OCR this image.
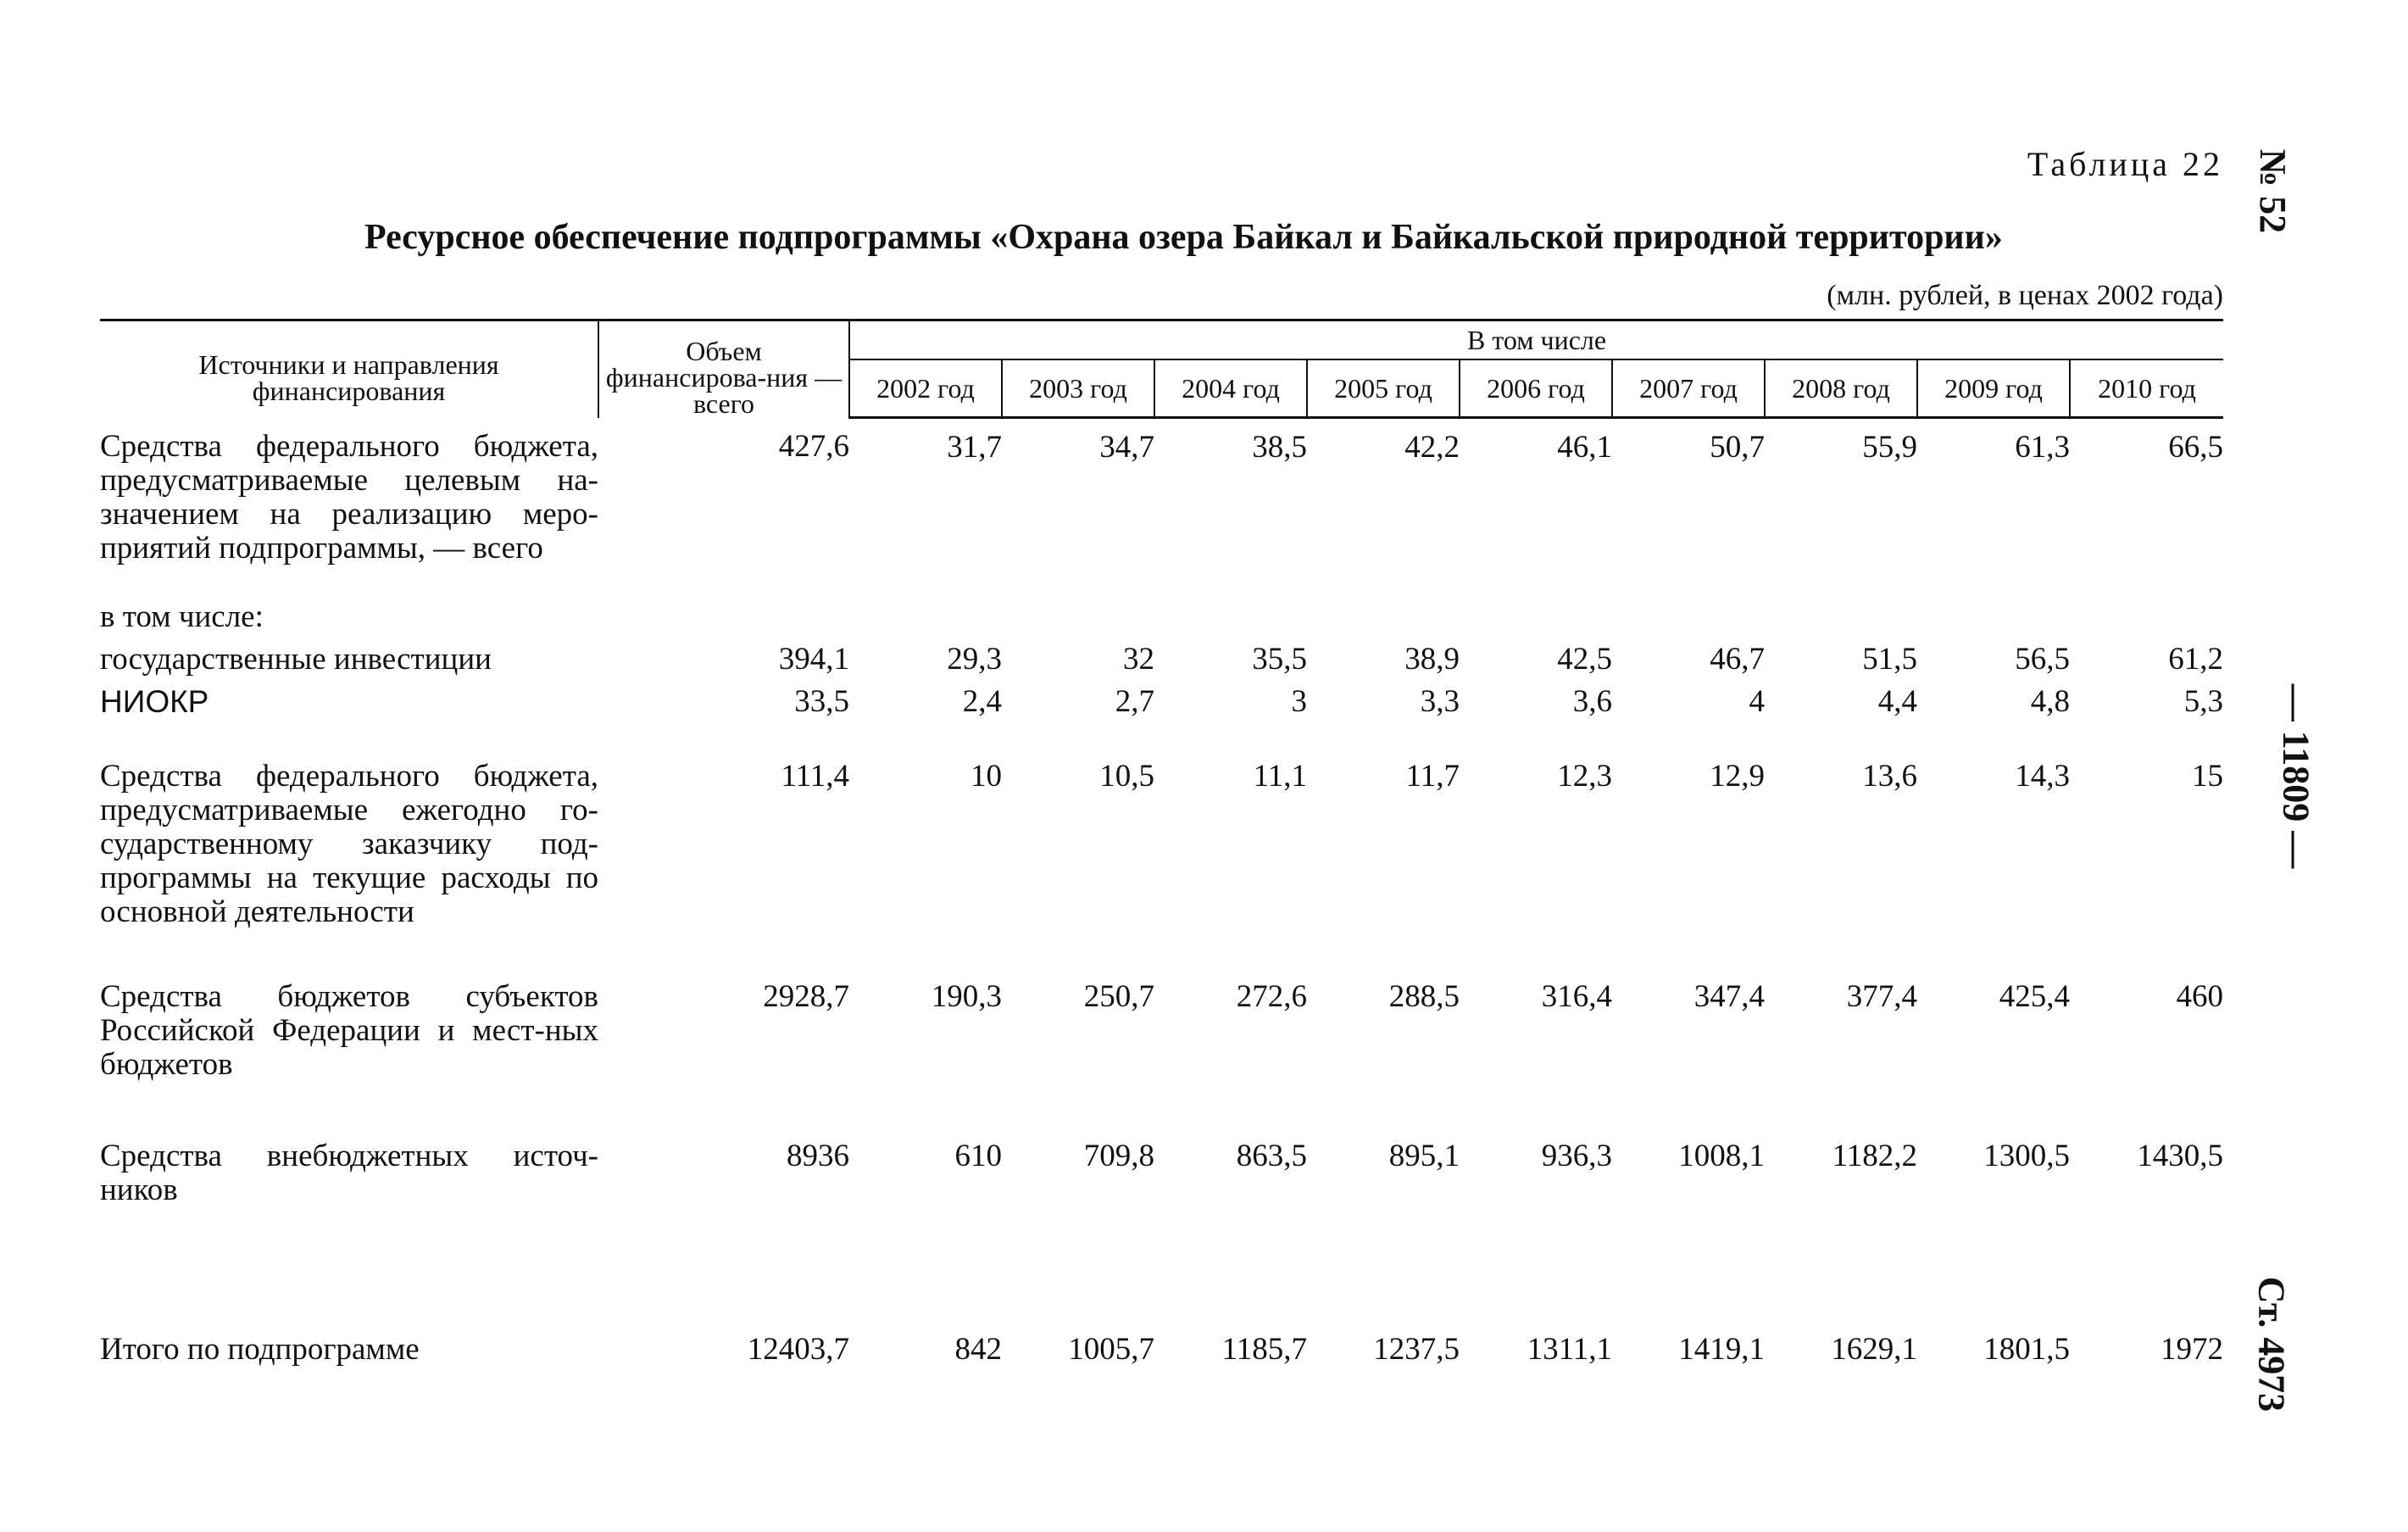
Таблица 22
Ресурсное обеспечение подпрограммы «Охрана озера Байкал и Байкальской природной территории»
(млн. рублей, в ценах 2002 года)
№ 52
— 11809 —
Ст. 4973
Источники и направления финансирования	Объем финансирова-ния — всего	В том числе								
		2002 год	2003 год	2004 год	2005 год	2006 год	2007 год	2008 год	2009 год	2010 год
Средства федерального бюджета, предусматриваемые целевым на-значением на реализацию меро-приятий подпрограммы, — всего	427,6	31,7	34,7	38,5	42,2	46,1	50,7	55,9	61,3	66,5
в том числе:										
государственные инвестиции	394,1	29,3	32	35,5	38,9	42,5	46,7	51,5	56,5	61,2
НИОКР	33,5	2,4	2,7	3	3,3	3,6	4	4,4	4,8	5,3
Средства федерального бюджета, предусматриваемые ежегодно го-сударственному заказчику под-программы на текущие расходы по основной деятельности	111,4	10	10,5	11,1	11,7	12,3	12,9	13,6	14,3	15
Средства бюджетов субъектов Российской Федерации и мест-ных бюджетов	2928,7	190,3	250,7	272,6	288,5	316,4	347,4	377,4	425,4	460
Средства внебюджетных источ-ников	8936	610	709,8	863,5	895,1	936,3	1008,1	1182,2	1300,5	1430,5
Итого по подпрограмме	12403,7	842	1005,7	1185,7	1237,5	1311,1	1419,1	1629,1	1801,5	1972
